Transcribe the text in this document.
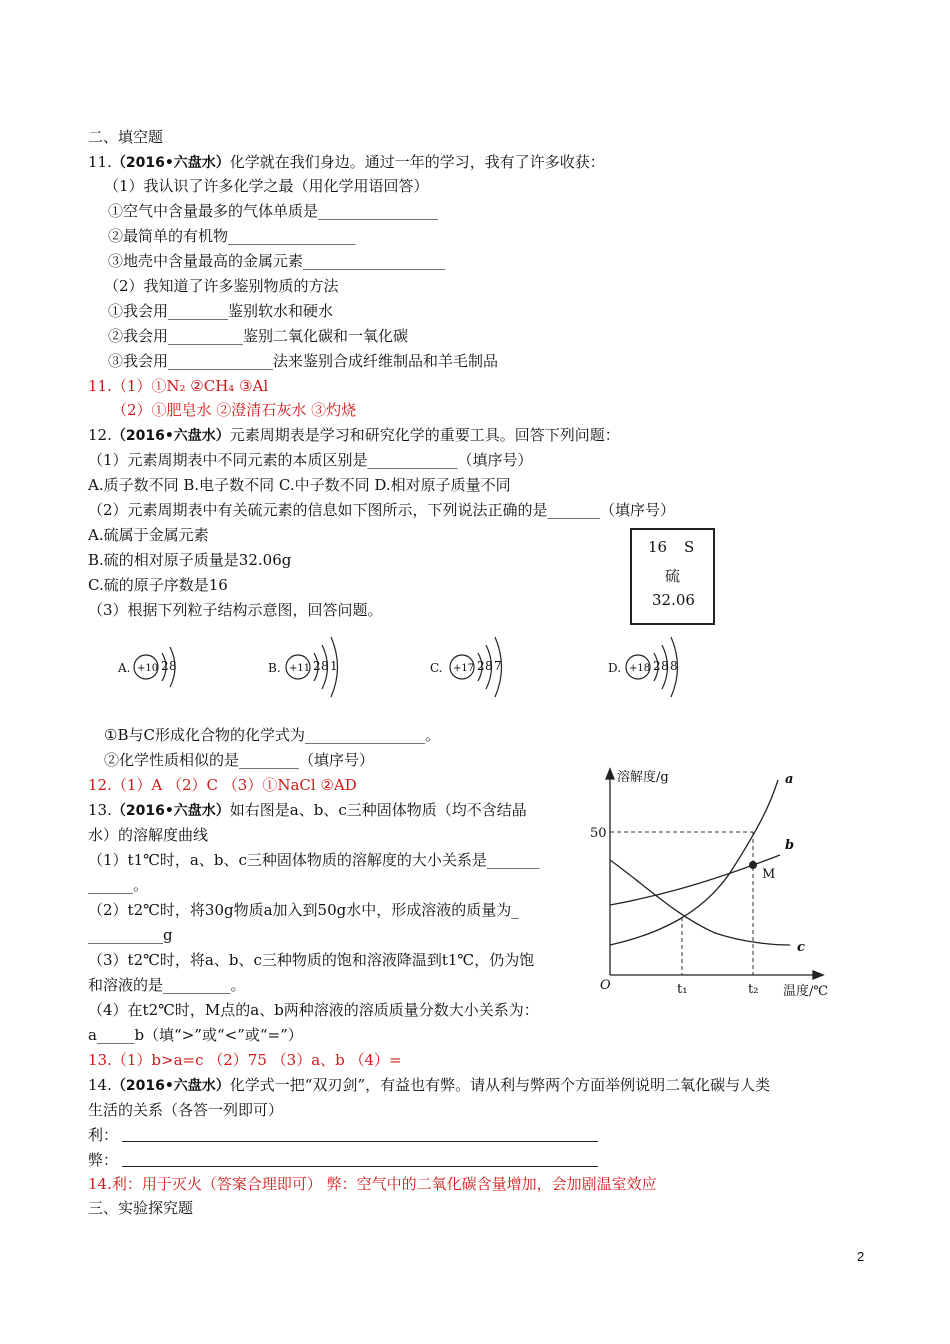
二、填空题
11.（2016•六盘水）化学就在我们身边。通过一年的学习，我有了许多收获：
（1）我认识了许多化学之最（用化学用语回答）
①空气中含量最多的气体单质是________________
②最简单的有机物_________________
③地壳中含量最高的金属元素___________________
（2）我知道了许多鉴别物质的方法
①我会用________鉴别软水和硬水
②我会用__________鉴别二氧化碳和一氧化碳
③我会用______________法来鉴别合成纤维制品和羊毛制品
11.（1）①N₂ ②CH₄ ③Al
（2）①肥皂水 ②澄清石灰水 ③灼烧
12.（2016•六盘水）元素周期表是学习和研究化学的重要工具。回答下列问题：
（1）元素周期表中不同元素的本质区别是____________（填序号）
A.质子数不同 B.电子数不同 C.中子数不同 D.相对原子质量不同
（2）元素周期表中有关硫元素的信息如下图所示，下列说法正确的是_______（填序号）
A.硫属于金属元素
B.硫的相对原子质量是32.06g
C.硫的原子序数是16
（3）根据下列粒子结构示意图，回答问题。
16 S
硫
32.06
A. +10 2 8	B. +11 2 8 1	C. +17 2 8 7	D. +18 2 8 8
①B与C形成化合物的化学式为________________。
②化学性质相似的是________（填序号）
12.（1）A （2）C （3）①NaCl ②AD
13.（2016•六盘水）如右图是a、b、c三种固体物质（均不含结晶
水）的溶解度曲线
（1）t1℃时，a、b、c三种固体物质的溶解度的大小关系是_______
______。
（2）t2℃时，将30g物质a加入到50g水中，形成溶液的质量为_
__________g
（3）t2℃时，将a、b、c三种物质的饱和溶液降温到t1℃，仍为饱
和溶液的是_________。
（4）在t2℃时，M点的a、b两种溶液的溶质质量分数大小关系为：
a_____b（填“>”或“<”或“=”）
13.（1）b>a=c （2）75 （3）a、b （4）=
溶解度/g
50
O	t₁	t₂ 温度/℃
a
b
c
M
14.（2016•六盘水）化学式一把“双刃剑”，有益也有弊。请从利与弊两个方面举例说明二氧化碳与人类
生活的关系（各答一列即可）
利：
弊：
14.利：用于灭火（答案合理即可） 弊：空气中的二氧化碳含量增加，会加剧温室效应
三、实验探究题
2
